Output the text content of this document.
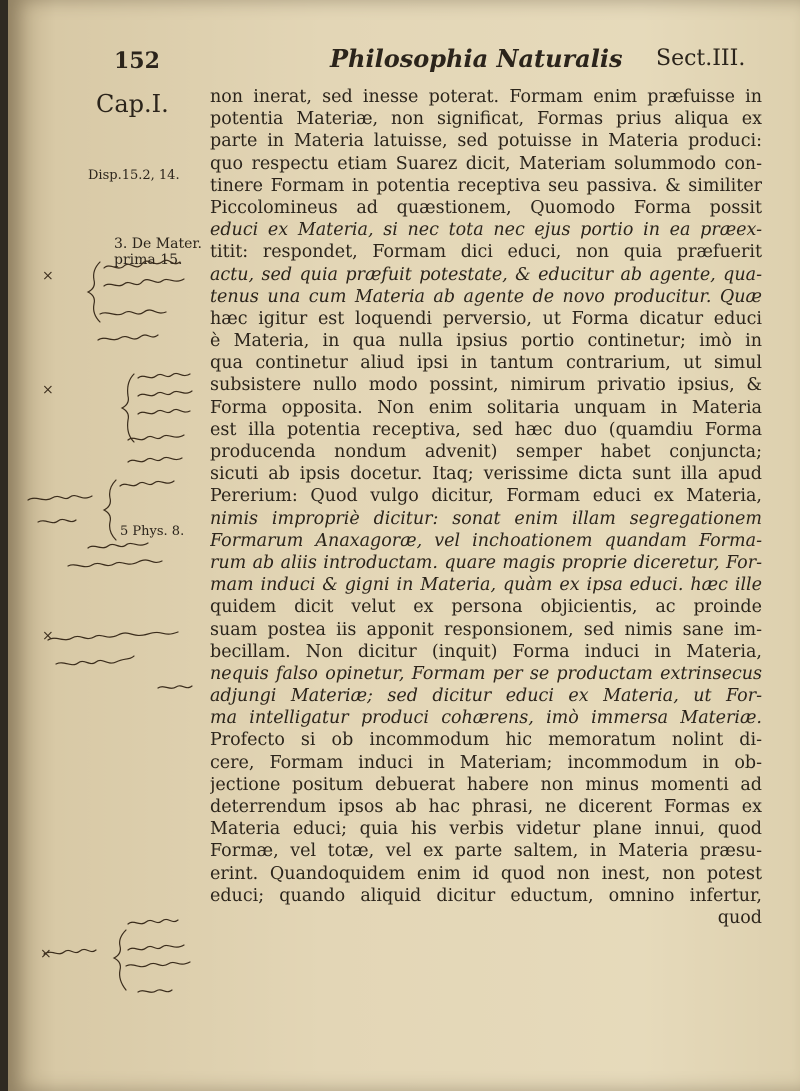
152	Philosophia Naturalis Sect.III.
Cap.I.
Disp.15.2, 14.
3. De Mater.
prima 15.
5 Phys. 8.
×
×
×
×
non inerat, sed inesse poterat. Formam enim præfuisse in
potentia Materiæ, non significat, Formas prius aliqua ex
parte in Materia latuisse, sed potuisse in Materia produci:
quo respectu etiam Suarez dicit, Materiam solummodo con-
tinere Formam in potentia receptiva seu passiva. & similiter
Piccolomineus ad quæstionem, Quomodo Forma possit
educi ex Materia, si nec tota nec ejus portio in ea præex-
titit: respondet, Formam dici educi, non quia præfuerit
actu, sed quia præfuit potestate, & educitur ab agente, qua-
tenus una cum Materia ab agente de novo producitur. Quæ
hæc igitur est loquendi perversio, ut Forma dicatur educi
è Materia, in qua nulla ipsius portio continetur; imò in
qua continetur aliud ipsi in tantum contrarium, ut simul
subsistere nullo modo possint, nimirum privatio ipsius, &
Forma opposita. Non enim solitaria unquam in Materia
est illa potentia receptiva, sed hæc duo (quamdiu Forma
producenda nondum advenit) semper habet conjuncta;
sicuti ab ipsis docetur. Itaq; verissime dicta sunt illa apud
Pererium: Quod vulgo dicitur, Formam educi ex Materia,
nimis impropriè dicitur: sonat enim illam segregationem
Formarum Anaxagoræ, vel inchoationem quandam Forma-
rum ab aliis introductam. quare magis proprie diceretur, For-
mam induci & gigni in Materia, quàm ex ipsa educi. hæc ille
quidem dicit velut ex persona objicientis, ac proinde
suam postea iis apponit responsionem, sed nimis sane im-
becillam. Non dicitur (inquit) Forma induci in Materia,
nequis falso opinetur, Formam per se productam extrinsecus
adjungi Materiæ; sed dicitur educi ex Materia, ut For-
ma intelligatur produci cohærens, imò immersa Materiæ.
Profecto si ob incommodum hic memoratum nolint di-
cere, Formam induci in Materiam; incommodum in ob-
jectione positum debuerat habere non minus momenti ad
deterrendum ipsos ab hac phrasi, ne dicerent Formas ex
Materia educi; quia his verbis videtur plane innui, quod
Formæ, vel totæ, vel ex parte saltem, in Materia præsu-
erint. Quandoquidem enim id quod non inest, non potest
educi; quando aliquid dicitur eductum, omnino infertur,
quod
